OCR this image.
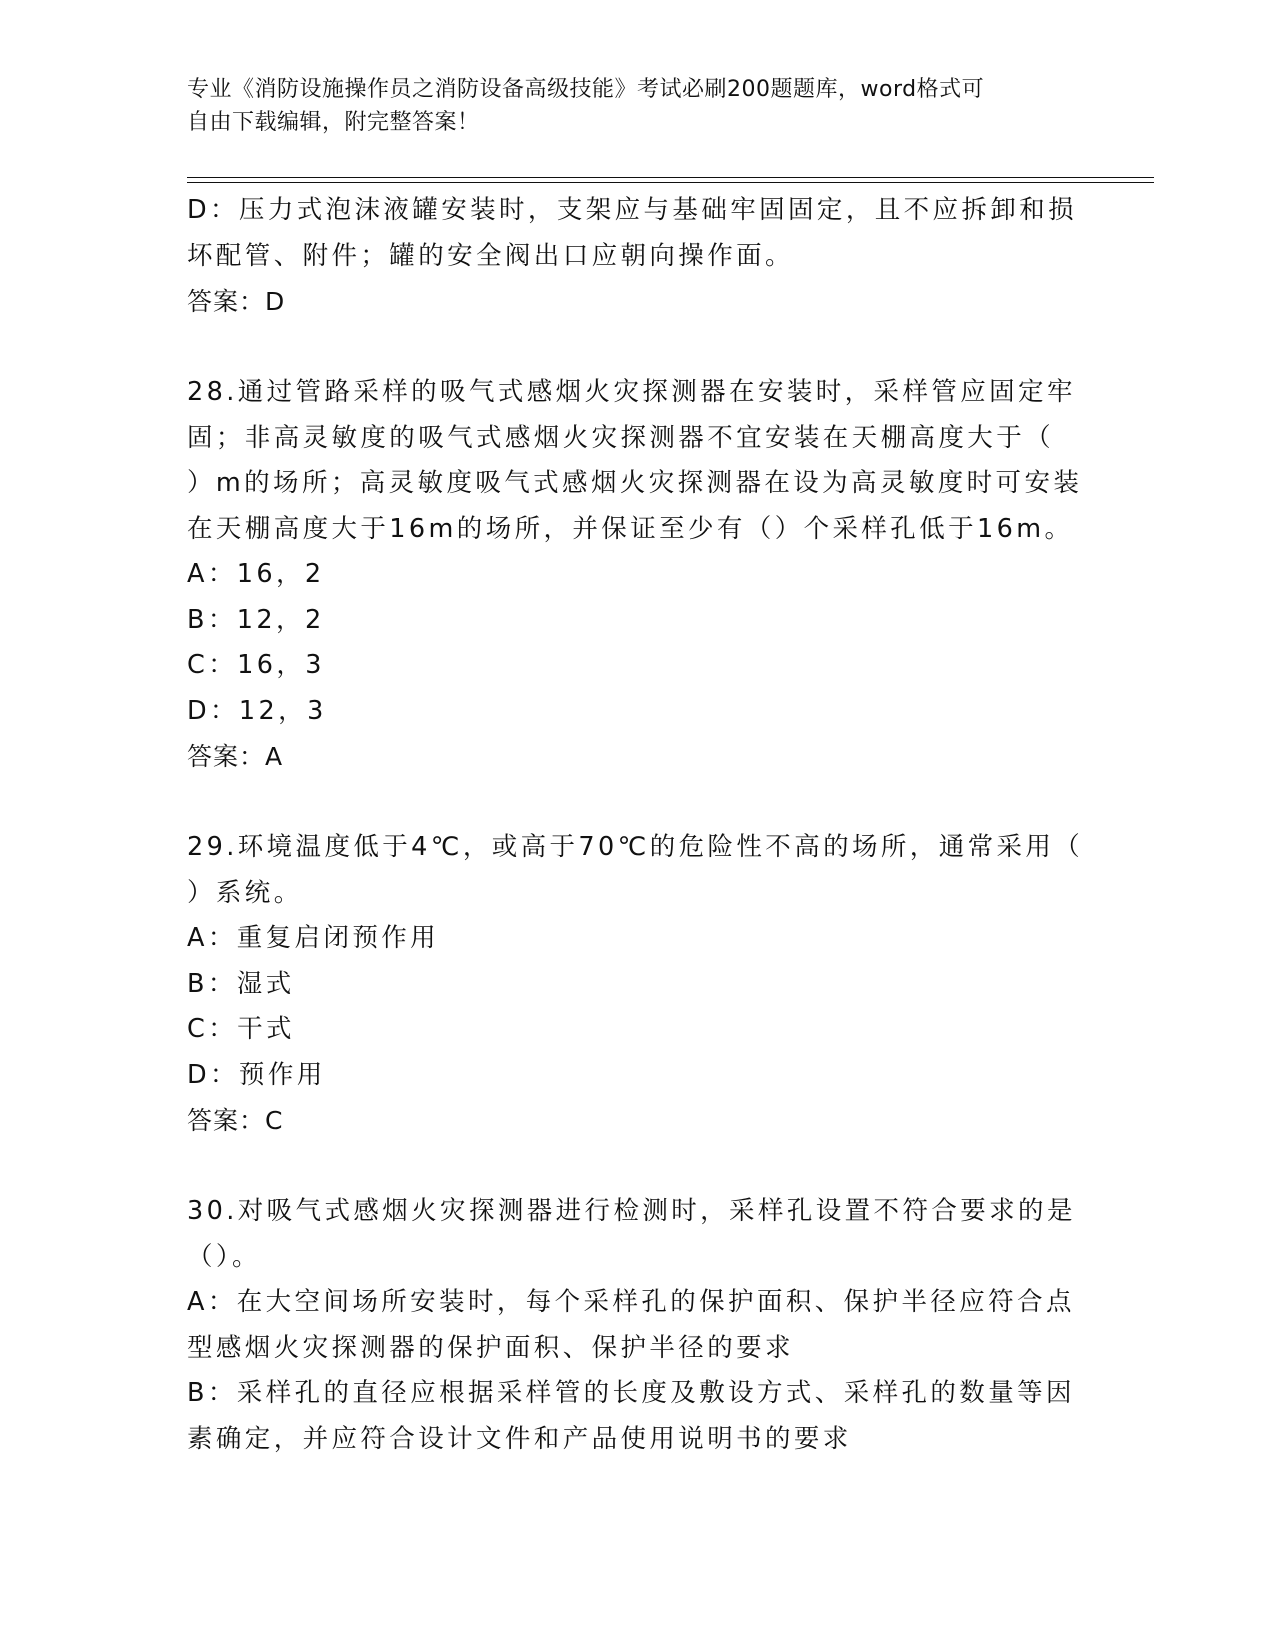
专业《消防设施操作员之消防设备高级技能》考试必刷200题题库，word格式可
自由下载编辑，附完整答案！
D：压力式泡沫液罐安装时，支架应与基础牢固固定，且不应拆卸和损
坏配管、附件；罐的安全阀出口应朝向操作面。
答案：D
28.通过管路采样的吸气式感烟火灾探测器在安装时，采样管应固定牢
固；非高灵敏度的吸气式感烟火灾探测器不宜安装在天棚高度大于（
）m的场所；高灵敏度吸气式感烟火灾探测器在设为高灵敏度时可安装
在天棚高度大于16m的场所，并保证至少有（）个采样孔低于16m。
A：16，2
B：12，2
C：16，3
D：12，3
答案：A
29.环境温度低于4℃，或高于70℃的危险性不高的场所，通常采用（
）系统。
A：重复启闭预作用
B：湿式
C：干式
D：预作用
答案：C
30.对吸气式感烟火灾探测器进行检测时，采样孔设置不符合要求的是
（）。
A：在大空间场所安装时，每个采样孔的保护面积、保护半径应符合点
型感烟火灾探测器的保护面积、保护半径的要求
B：采样孔的直径应根据采样管的长度及敷设方式、采样孔的数量等因
素确定，并应符合设计文件和产品使用说明书的要求
